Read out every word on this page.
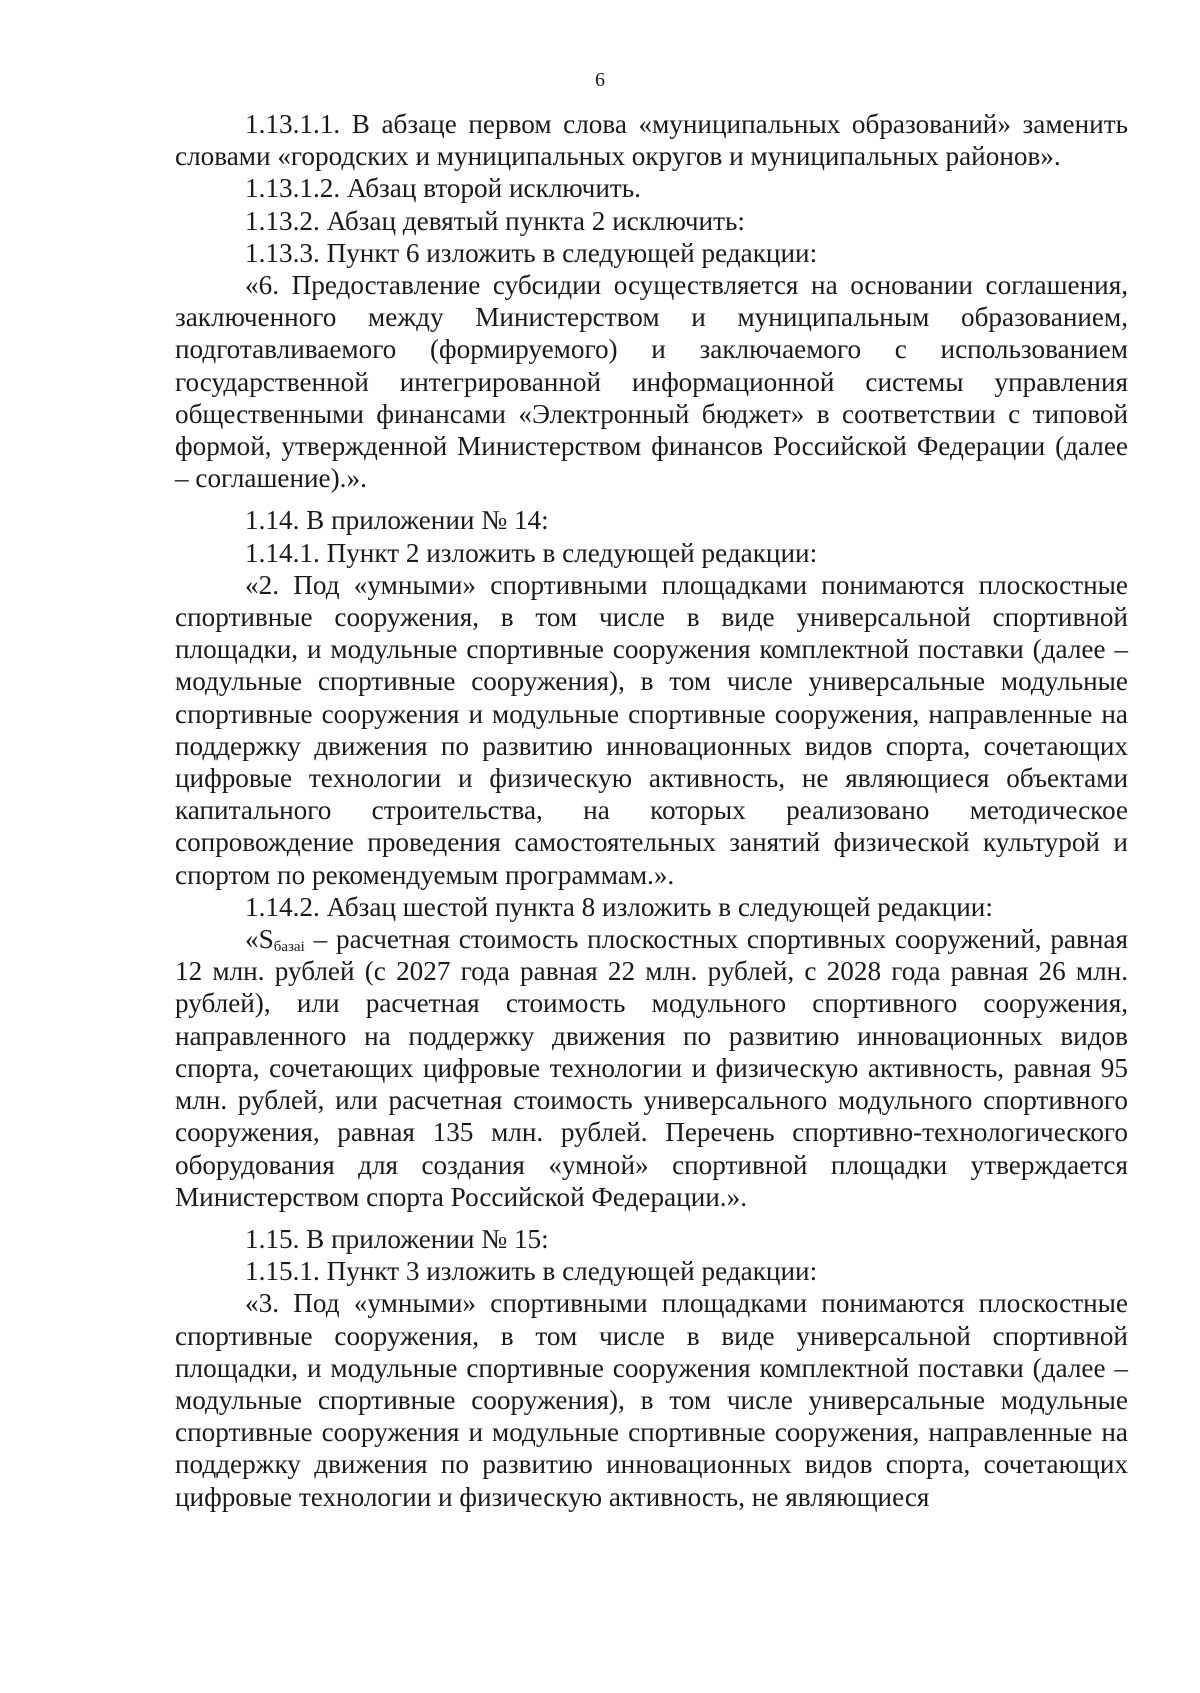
6

1.13.1.1. В абзаце первом слова «муниципальных образований» заменить словами «городских и муниципальных округов и муниципальных районов».

1.13.1.2. Абзац второй исключить.

1.13.2. Абзац девятый пункта 2 исключить:

1.13.3. Пункт 6 изложить в следующей редакции:

«6. Предоставление субсидии осуществляется на основании соглашения, заключенного между Министерством и муниципальным образованием, подготавливаемого (формируемого) и заключаемого с использованием государственной интегрированной информационной системы управления общественными финансами «Электронный бюджет» в соответствии с типовой формой, утвержденной Министерством финансов Российской Федерации (далее – соглашение).».

1.14. В приложении № 14:

1.14.1. Пункт 2 изложить в следующей редакции:

«2. Под «умными» спортивными площадками понимаются плоскостные спортивные сооружения, в том числе в виде универсальной спортивной площадки, и модульные спортивные сооружения комплектной поставки (далее – модульные спортивные сооружения), в том числе универсальные модульные спортивные сооружения и модульные спортивные сооружения, направленные на поддержку движения по развитию инновационных видов спорта, сочетающих цифровые технологии и физическую активность, не являющиеся объектами капитального строительства, на которых реализовано методическое сопровождение проведения самостоятельных занятий физической культурой и спортом по рекомендуемым программам.».

1.14.2. Абзац шестой пункта 8 изложить в следующей редакции:

«$S_{базаi}$ – расчетная стоимость плоскостных спортивных сооружений, равная 12 млн. рублей (с 2027 года равная 22 млн. рублей, с 2028 года равная 26 млн. рублей), или расчетная стоимость модульного спортивного сооружения, направленного на поддержку движения по развитию инновационных видов спорта, сочетающих цифровые технологии и физическую активность, равная 95 млн. рублей, или расчетная стоимость универсального модульного спортивного сооружения, равная 135 млн. рублей. Перечень спортивно-технологического оборудования для создания «умной» спортивной площадки утверждается Министерством спорта Российской Федерации.».

1.15. В приложении № 15:

1.15.1. Пункт 3 изложить в следующей редакции:

«3. Под «умными» спортивными площадками понимаются плоскостные спортивные сооружения, в том числе в виде универсальной спортивной площадки, и модульные спортивные сооружения комплектной поставки (далее – модульные спортивные сооружения), в том числе универсальные модульные спортивные сооружения и модульные спортивные сооружения, направленные на поддержку движения по развитию инновационных видов спорта, сочетающих цифровые технологии и физическую активность, не являющиеся
